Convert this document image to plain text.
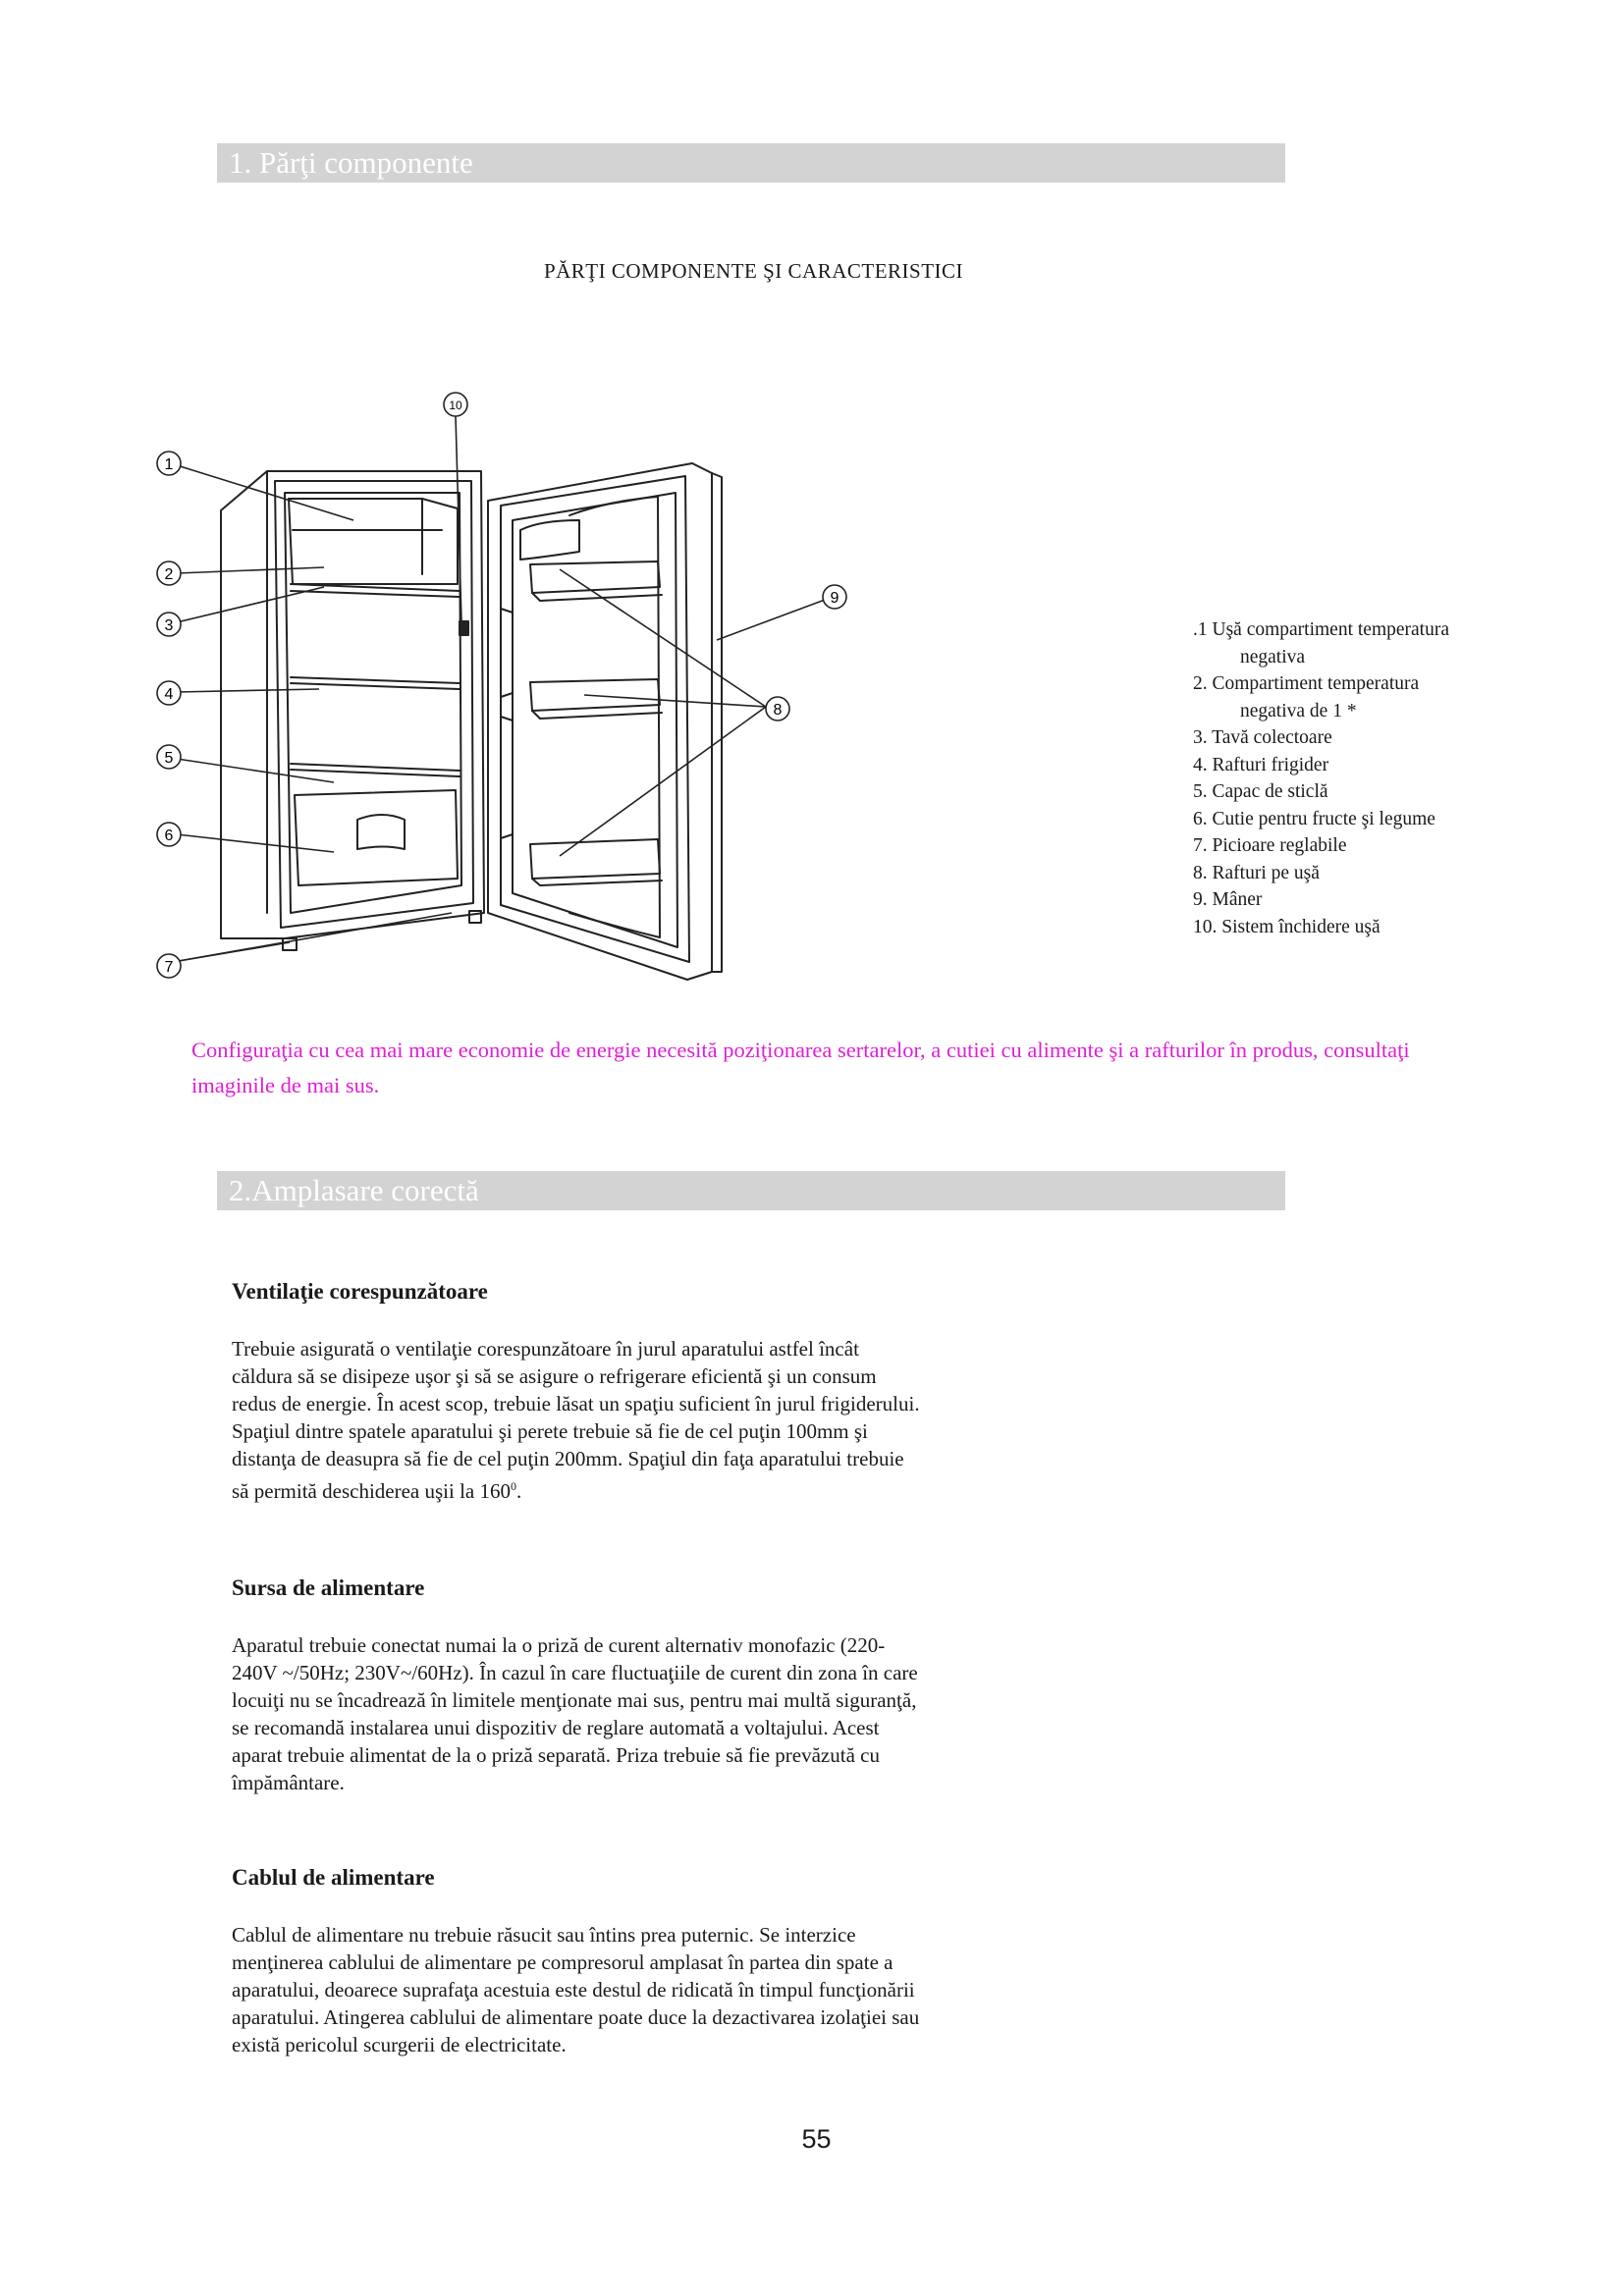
1. Părţi componente
PĂRŢI COMPONENTE ŞI CARACTERISTICI
1
2
3
4
5
6
7
8
9
10
.1 Uşă compartiment temperatura
negativa
2. Compartiment temperatura
negativa de 1 *
3. Tavă colectoare
4. Rafturi frigider
5. Capac de sticlă
6. Cutie pentru fructe şi legume
7. Picioare reglabile
8. Rafturi pe uşă
9. Mâner
10. Sistem închidere uşă
Configuraţia cu cea mai mare economie de energie necesită poziţionarea sertarelor, a cutiei cu alimente şi a rafturilor în produs, consultaţi imaginile de mai sus.
2.Amplasare corectă
Ventilaţie corespunzătoare

Trebuie asigurată o ventilaţie corespunzătoare în jurul aparatului astfel încât

căldura să se disipeze uşor şi să se asigure o refrigerare eficientă şi un consum

redus de energie. În acest scop, trebuie lăsat un spaţiu suficient în jurul frigiderului.

Spaţiul dintre spatele aparatului şi perete trebuie să fie de cel puţin 100mm şi

distanţa de deasupra să fie de cel puţin 200mm. Spaţiul din faţa aparatului trebuie

să permită deschiderea uşii la $160^0$.

Sursa de alimentare

Aparatul trebuie conectat numai la o priză de curent alternativ monofazic (220-

240V ~/50Hz; 230V~/60Hz). În cazul în care fluctuaţiile de curent din zona în care

locuiţi nu se încadrează în limitele menţionate mai sus, pentru mai multă siguranţă,

se recomandă instalarea unui dispozitiv de reglare automată a voltajului. Acest

aparat trebuie alimentat de la o priză separată. Priza trebuie să fie prevăzută cu

împământare.

Cablul de alimentare

Cablul de alimentare nu trebuie răsucit sau întins prea puternic. Se interzice

menţinerea cablului de alimentare pe compresorul amplasat în partea din spate a

aparatului, deoarece suprafaţa acestuia este destul de ridicată în timpul funcţionării

aparatului. Atingerea cablului de alimentare poate duce la dezactivarea izolaţiei sau

există pericolul scurgerii de electricitate.

55
